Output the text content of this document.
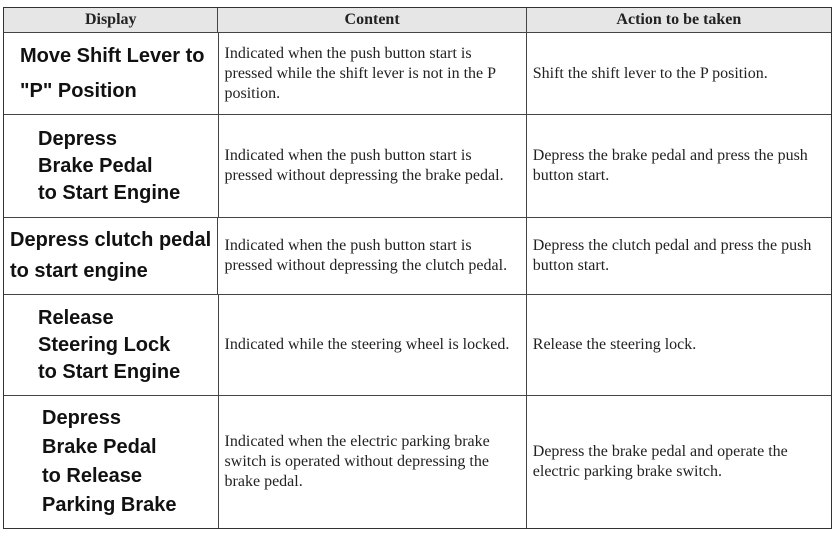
Display	Content	Action to be taken
Move Shift Lever to
"P" Position
Indicated when the push button start is pressed while the shift lever is not in the P position.
Shift the shift lever to the P position.
Depress
Brake Pedal
to Start Engine
Indicated when the push button start is pressed without depressing the brake pedal.
Depress the brake pedal and press the push button start.
Depress clutch pedal
to start engine
Indicated when the push button start is pressed without depressing the clutch pedal.
Depress the clutch pedal and press the push button start.
Release
Steering Lock
to Start Engine
Indicated while the steering wheel is locked. Release the steering lock.
Depress
Brake Pedal
to Release
Parking Brake
Indicated when the electric parking brake switch is operated without depressing the brake pedal.
Depress the brake pedal and operate the electric parking brake switch.
